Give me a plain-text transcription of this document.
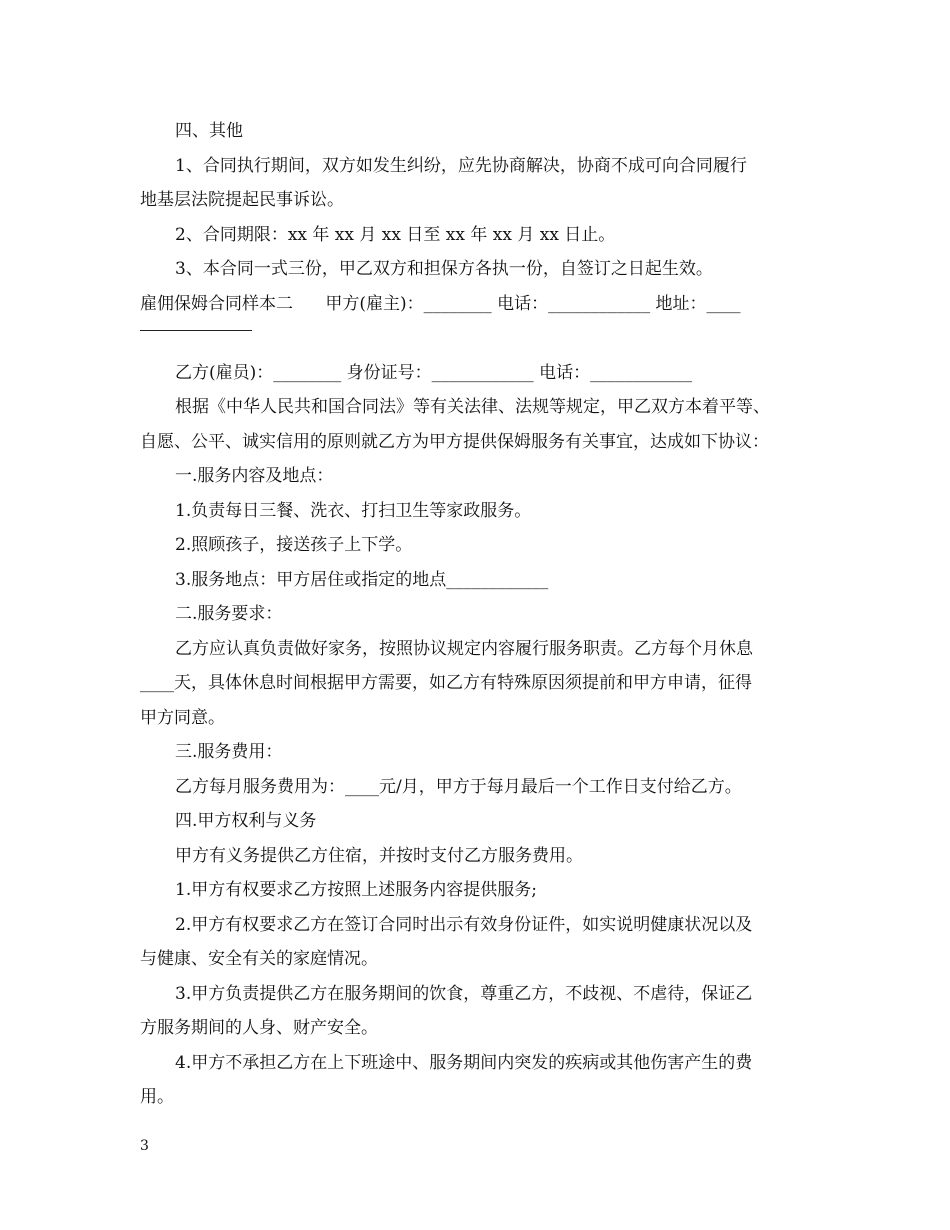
四、其他
1、合同执行期间，双方如发生纠纷，应先协商解决，协商不成可向合同履行
地基层法院提起民事诉讼。
2、合同期限：xx 年 xx 月 xx 日至 xx 年 xx 月 xx 日止。
3、本合同一式三份，甲乙双方和担保方各执一份，自签订之日起生效。
雇佣保姆合同样本二      甲方(雇主)：________ 电话：____________ 地址：____
乙方(雇员)：________ 身份证号：____________ 电话：____________
根据《中华人民共和国合同法》等有关法律、法规等规定，甲乙双方本着平等、
自愿、公平、诚实信用的原则就乙方为甲方提供保姆服务有关事宜，达成如下协议：
一.服务内容及地点：
1.负责每日三餐、洗衣、打扫卫生等家政服务。
2.照顾孩子，接送孩子上下学。
3.服务地点：甲方居住或指定的地点____________
二.服务要求：
乙方应认真负责做好家务，按照协议规定内容履行服务职责。乙方每个月休息
____天，具体休息时间根据甲方需要，如乙方有特殊原因须提前和甲方申请，征得
甲方同意。
三.服务费用：
乙方每月服务费用为：____元/月，甲方于每月最后一个工作日支付给乙方。
四.甲方权利与义务
甲方有义务提供乙方住宿，并按时支付乙方服务费用。
1.甲方有权要求乙方按照上述服务内容提供服务;
2.甲方有权要求乙方在签订合同时出示有效身份证件，如实说明健康状况以及
与健康、安全有关的家庭情况。
3.甲方负责提供乙方在服务期间的饮食，尊重乙方，不歧视、不虐待，保证乙
方服务期间的人身、财产安全。
4.甲方不承担乙方在上下班途中、服务期间内突发的疾病或其他伤害产生的费
用。
3
